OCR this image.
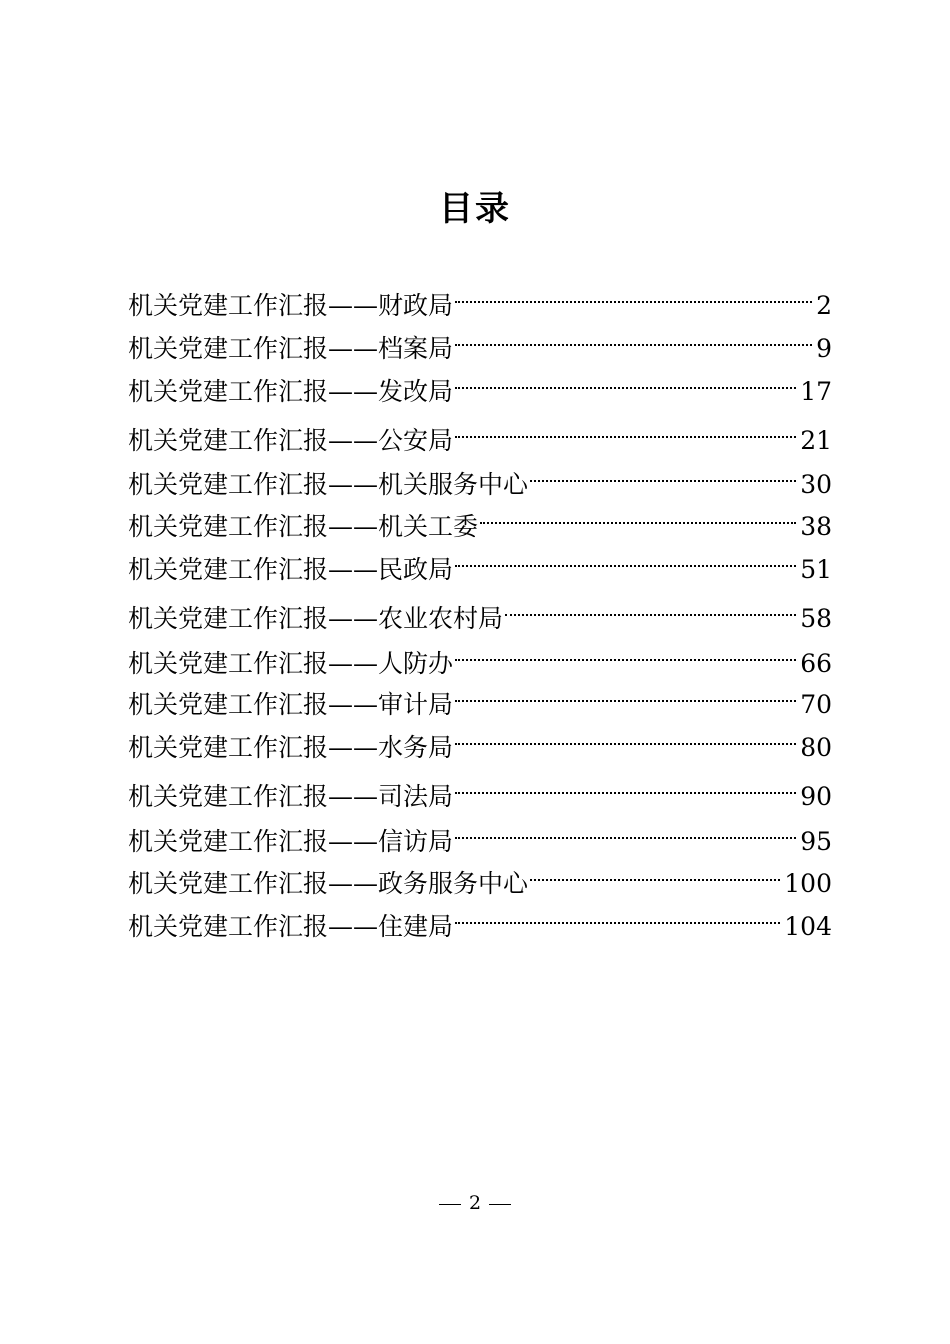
目录
机关党建工作汇报——财政局	2
机关党建工作汇报——档案局	9
机关党建工作汇报——发改局	17
机关党建工作汇报——公安局	21
机关党建工作汇报——机关服务中心	30
机关党建工作汇报——机关工委	38
机关党建工作汇报——民政局	51
机关党建工作汇报——农业农村局	58
机关党建工作汇报——人防办	66
机关党建工作汇报——审计局	70
机关党建工作汇报——水务局	80
机关党建工作汇报——司法局	90
机关党建工作汇报——信访局	95
机关党建工作汇报——政务服务中心	100
机关党建工作汇报——住建局	104
2
